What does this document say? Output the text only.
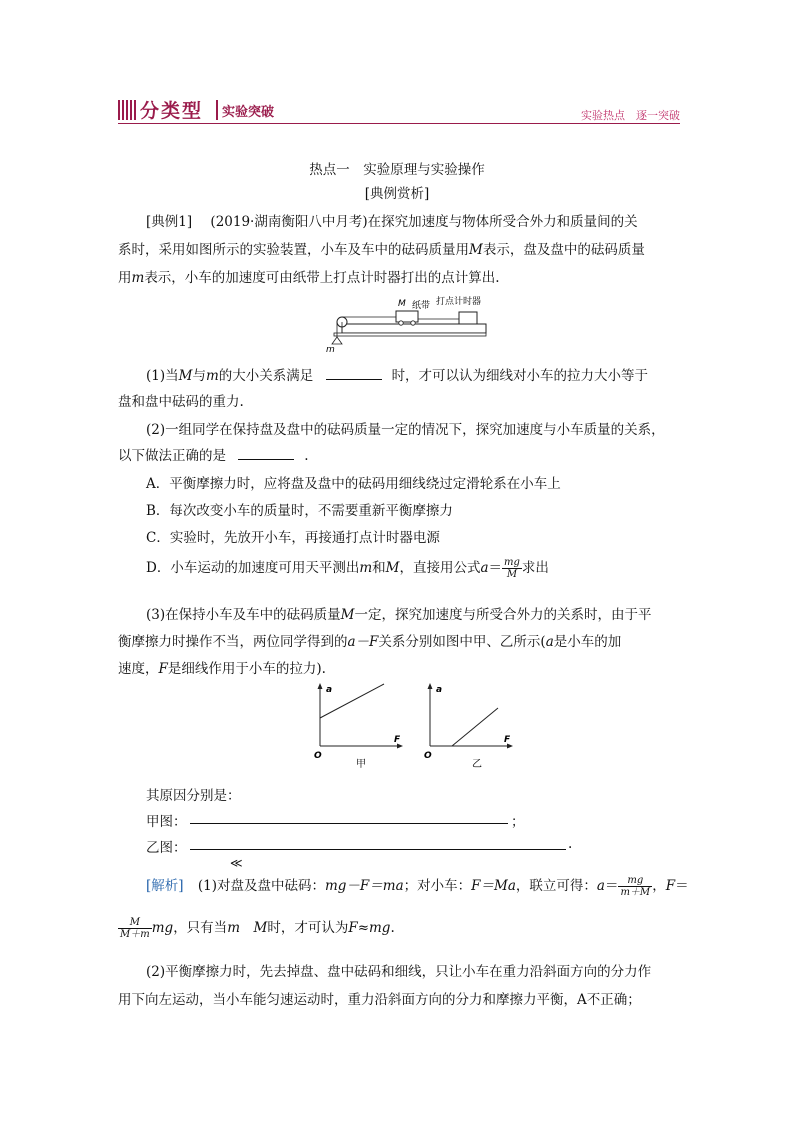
分类型 实验突破	实验热点　逐一突破
热点一　实验原理与实验操作
[典例赏析]
[典例1] (2019·湖南衡阳八中月考)在探究加速度与物体所受合外力和质量间的关
系时，采用如图所示的实验装置，小车及车中的砝码质量用M表示，盘及盘中的砝码质量
用m表示，小车的加速度可由纸带上打点计时器打出的点计算出.
M 纸带 打点计时器
m
(1)当M与m的大小关系满足	时，才可以认为细线对小车的拉力大小等于
盘和盘中砝码的重力.
(2)一组同学在保持盘及盘中的砝码质量一定的情况下，探究加速度与小车质量的关系，
以下做法正确的是	.
A．平衡摩擦力时，应将盘及盘中的砝码用细线绕过定滑轮系在小车上
B．每次改变小车的质量时，不需要重新平衡摩擦力
C．实验时，先放开小车，再接通打点计时器电源
D．小车运动的加速度可用天平测出m和M，直接用公式$a= \frac{mg}{M}$ 求出
(3)在保持小车及车中的砝码质量M一定，探究加速度与所受合外力的关系时，由于平
衡摩擦力时操作不当，两位同学得到的a－F关系分别如图中甲、乙所示(a是小车的加
速度，F是细线作用于小车的拉力).
a
F
O
甲
a
F
O
乙
其原因分别是：
甲图：	；
乙图：	.
≪
[解析] (1)对盘及盘中砝码：mg－F＝ma；对小车：F＝Ma，联立可得：$a= \frac{mg}{m+M}$ ，F＝
$\frac{M}{M+m}$ mg，只有当m  M时，才可认为F≈mg.
(2)平衡摩擦力时，先去掉盘、盘中砝码和细线，只让小车在重力沿斜面方向的分力作
用下向左运动，当小车能匀速运动时，重力沿斜面方向的分力和摩擦力平衡，A不正确；
